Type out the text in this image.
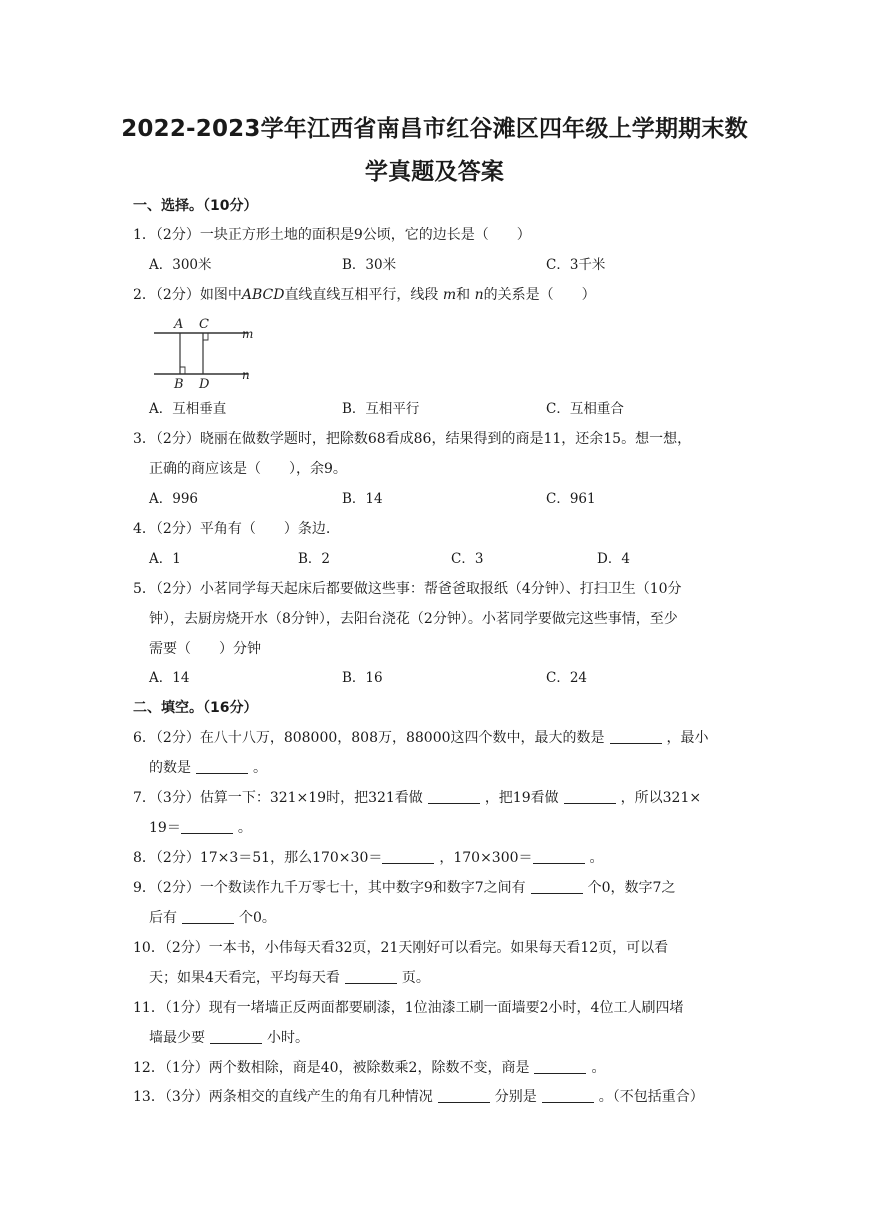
2022-2023学年江西省南昌市红谷滩区四年级上学期期末数
学真题及答案
一、选择。（10分）
1．（2分）一块正方形土地的面积是9公顷，它的边长是（　　）
A．300米	B．30米	C．3千米
2．（2分）如图中ABCD直线直线互相平行，线段 m和 n的关系是（　　）
A C
B D
m
n
A．互相垂直	B．互相平行	C．互相重合
3．（2分）晓丽在做数学题时，把除数68看成86，结果得到的商是11，还余15。想一想，
正确的商应该是（　　），余9。
A．996	B．14	C．961
4．（2分）平角有（　　）条边.
A．1	B．2	C．3	D．4
5．（2分）小茗同学每天起床后都要做这些事：帮爸爸取报纸（4分钟）、打扫卫生（10分
钟），去厨房烧开水（8分钟），去阳台浇花（2分钟）。小茗同学要做完这些事情，至少
需要（　　）分钟
A．14	B．16	C．24
二、填空。（16分）
6．（2分）在八十八万，808000，808万，88000这四个数中，最大的数是	，最小
的数是	。
7．（3分）估算一下：321×19时，把321看做	，把19看做	，所以321×
19＝	。
8．（2分）17×3＝51，那么170×30＝	，170×300＝	。
9．（2分）一个数读作九千万零七十，其中数字9和数字7之间有	个0，数字7之
后有	个0。
10．（2分）一本书，小伟每天看32页，21天刚好可以看完。如果每天看12页，可以看
天；如果4天看完，平均每天看	页。
11．（1分）现有一堵墙正反两面都要刷漆，1位油漆工刷一面墙要2小时，4位工人刷四堵
墙最少要	小时。
12．（1分）两个数相除，商是40，被除数乘2，除数不变，商是	。
13．（3分）两条相交的直线产生的角有几种情况	分别是	。（不包括重合）
